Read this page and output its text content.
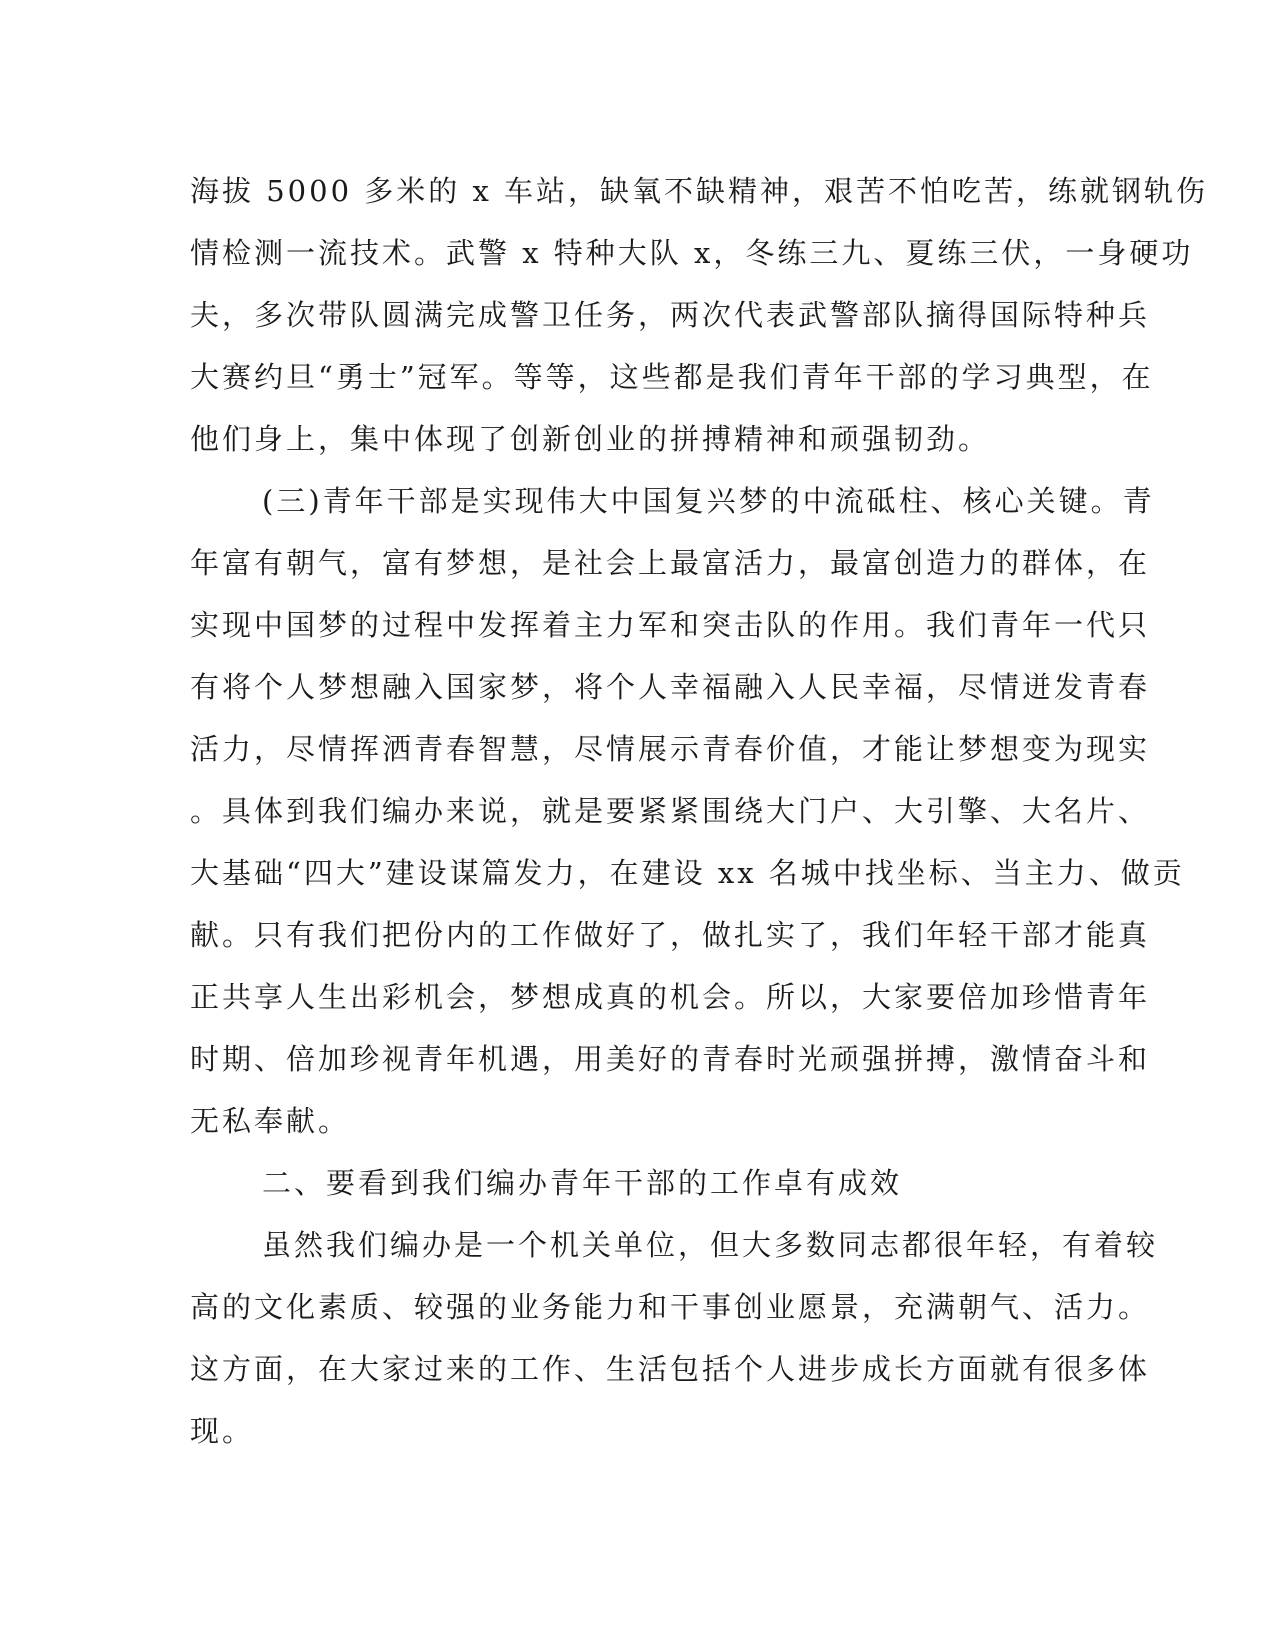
海拔 5000 多米的 x 车站，缺氧不缺精神，艰苦不怕吃苦，练就钢轨伤
情检测一流技术。武警 x 特种大队 x，冬练三九、夏练三伏，一身硬功
夫，多次带队圆满完成警卫任务，两次代表武警部队摘得国际特种兵
大赛约旦“勇士”冠军。等等，这些都是我们青年干部的学习典型，在
他们身上，集中体现了创新创业的拼搏精神和顽强韧劲。
(三)青年干部是实现伟大中国复兴梦的中流砥柱、核心关键。青
年富有朝气，富有梦想，是社会上最富活力，最富创造力的群体，在
实现中国梦的过程中发挥着主力军和突击队的作用。我们青年一代只
有将个人梦想融入国家梦，将个人幸福融入人民幸福，尽情迸发青春
活力，尽情挥洒青春智慧，尽情展示青春价值，才能让梦想变为现实
。具体到我们编办来说，就是要紧紧围绕大门户、大引擎、大名片、
大基础“四大”建设谋篇发力，在建设 xx 名城中找坐标、当主力、做贡
献。只有我们把份内的工作做好了，做扎实了，我们年轻干部才能真
正共享人生出彩机会，梦想成真的机会。所以，大家要倍加珍惜青年
时期、倍加珍视青年机遇，用美好的青春时光顽强拼搏，激情奋斗和
无私奉献。
二、要看到我们编办青年干部的工作卓有成效
虽然我们编办是一个机关单位，但大多数同志都很年轻，有着较
高的文化素质、较强的业务能力和干事创业愿景，充满朝气、活力。
这方面，在大家过来的工作、生活包括个人进步成长方面就有很多体
现。
